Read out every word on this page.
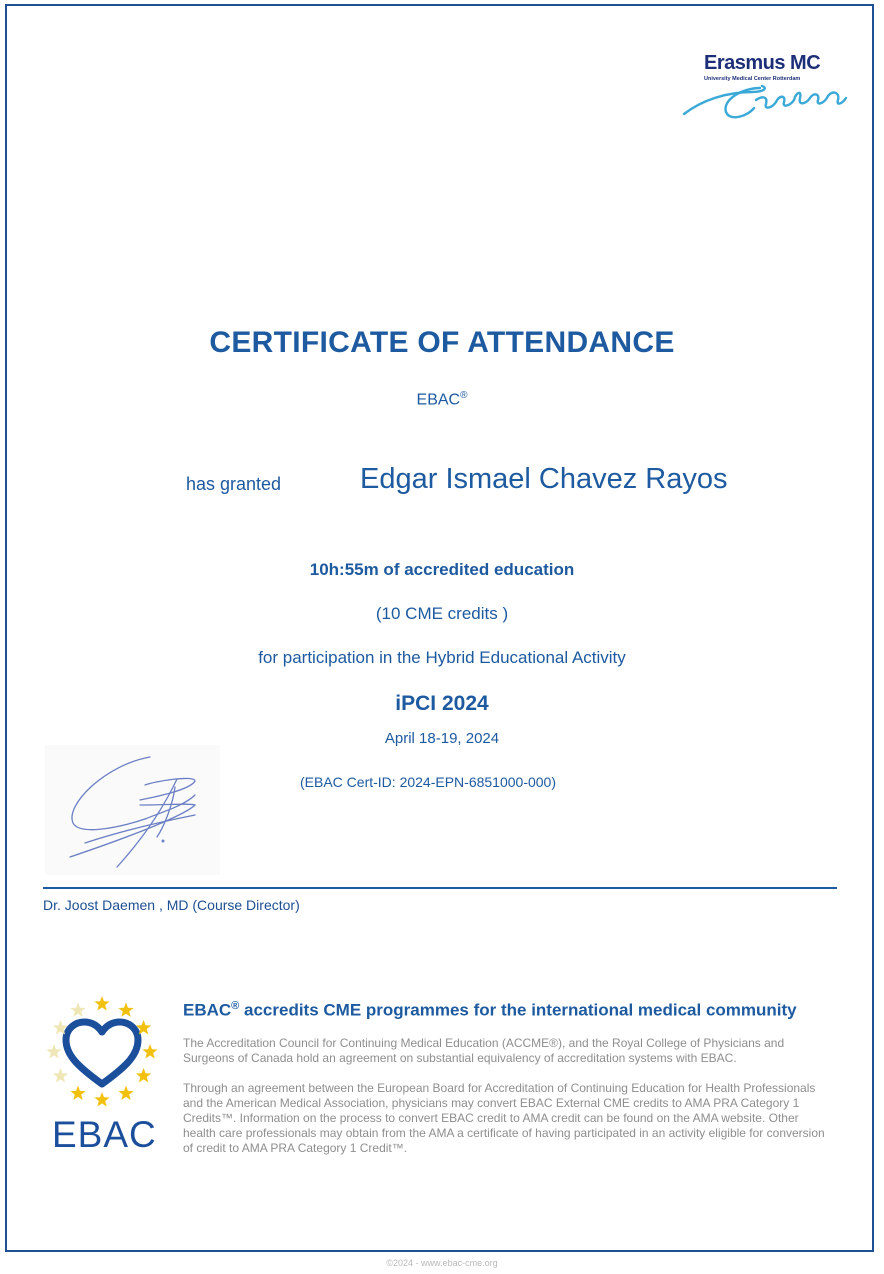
Erasmus MC
University Medical Center Rotterdam
CERTIFICATE OF ATTENDANCE
EBAC®
has granted	Edgar Ismael Chavez Rayos
10h:55m of accredited education
(10 CME credits )
for participation in the Hybrid Educational Activity
iPCI 2024
April 18-19, 2024
(EBAC Cert-ID: 2024-EPN-6851000-000)
Dr. Joost Daemen , MD (Course Director)
EBAC
EBAC® accredits CME programmes for the international medical community
The Accreditation Council for Continuing Medical Education (ACCME®), and the Royal College of Physicians and Surgeons of Canada hold an agreement on substantial equivalency of accreditation systems with EBAC.
Through an agreement between the European Board for Accreditation of Continuing Education for Health Professionals and the American Medical Association, physicians may convert EBAC External CME credits to AMA PRA Category 1 Credits™. Information on the process to convert EBAC credit to AMA credit can be found on the AMA website. Other health care professionals may obtain from the AMA a certificate of having participated in an activity eligible for conversion of credit to AMA PRA Category 1 Credit™.
©2024 - www.ebac-cme.org
